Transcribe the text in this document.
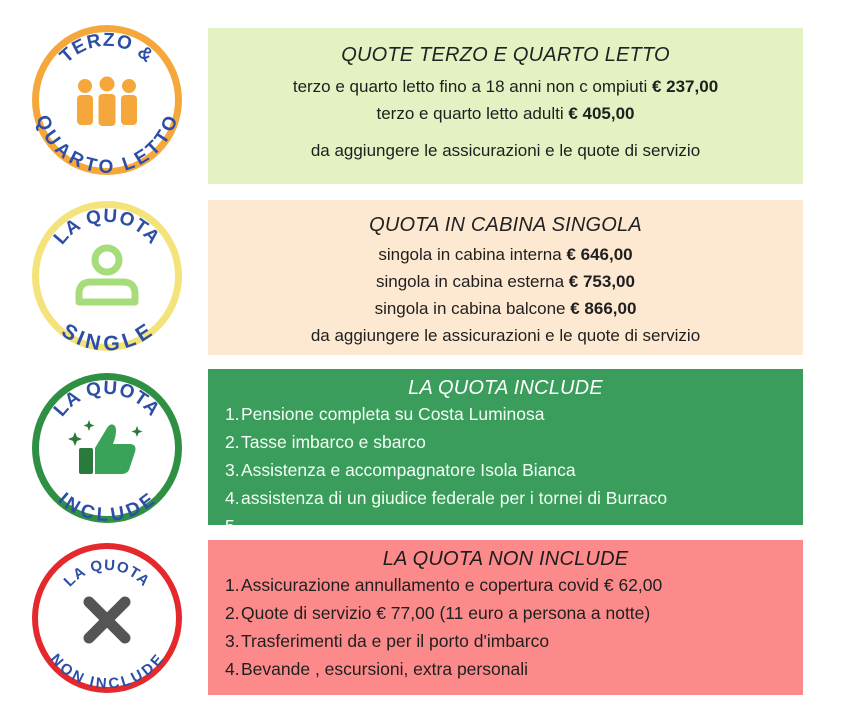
TERZO &
QUARTO LETTO
LA QUOTA
SINGLE
LA QUOTA
INCLUDE
LA QUOTA
NON INCLUDE
QUOTE TERZO E QUARTO LETTO
terzo e quarto letto fino a 18 anni non c ompiuti € 237,00
terzo e quarto letto adulti € 405,00
da aggiungere le assicurazioni e le quote di servizio
QUOTA IN CABINA SINGOLA
singola in cabina interna € 646,00
singola in cabina esterna € 753,00
singola in cabina balcone € 866,00
da aggiungere le assicurazioni e le quote di servizio
LA QUOTA INCLUDE
1. Pensione completa su Costa Luminosa
2. Tasse imbarco e sbarco
3. Assistenza e accompagnatore Isola Bianca
4. assistenza di un giudice federale per i tornei di Burraco
5.
LA QUOTA NON INCLUDE
1. Assicurazione annullamento e copertura covid € 62,00
2. Quote di servizio € 77,00 (11 euro a persona a notte)
3. Trasferimenti da e per il porto d'imbarco
4. Bevande , escursioni, extra personali
